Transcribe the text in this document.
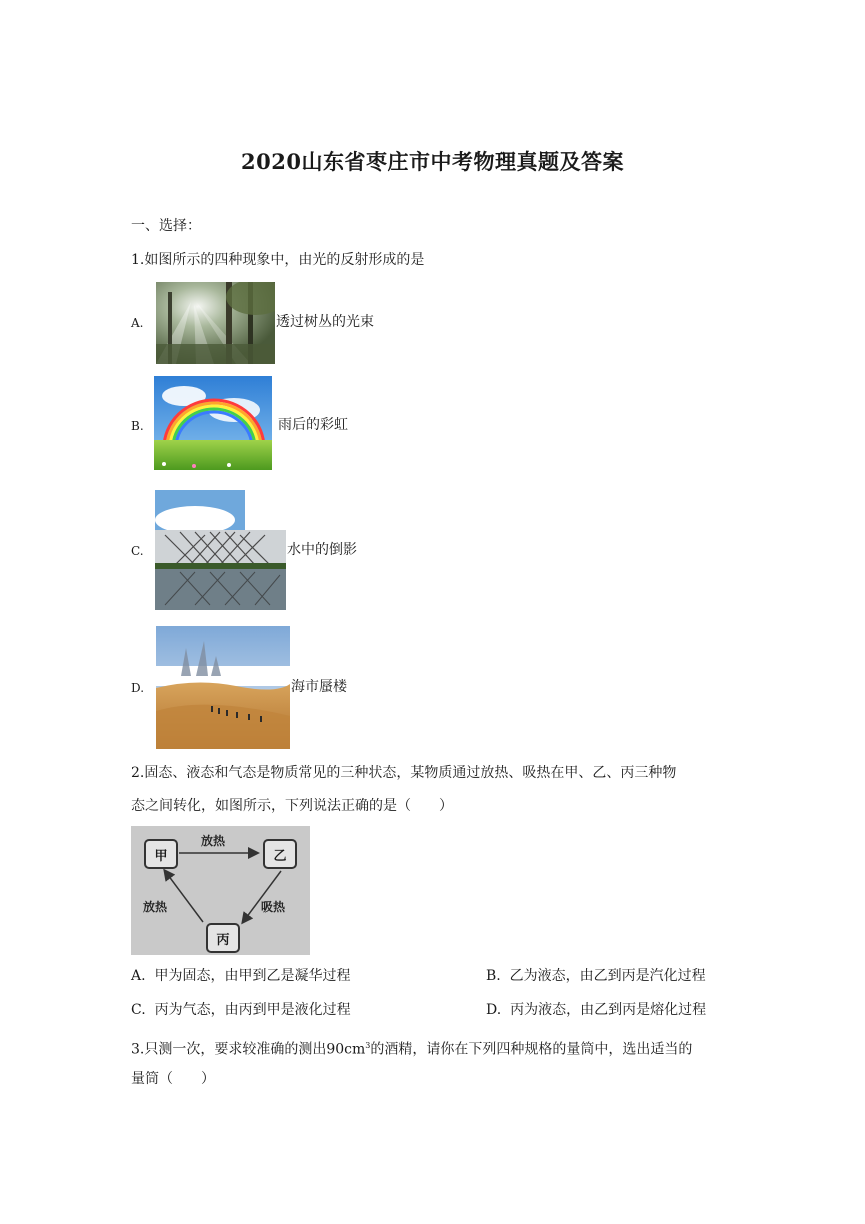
2020山东省枣庄市中考物理真题及答案
一、选择：
1.如图所示的四种现象中，由光的反射形成的是
A.	透过树丛的光束
B.	雨后的彩虹
C.	水中的倒影
D.	海市蜃楼
2.固态、液态和气态是物质常见的三种状态，某物质通过放热、吸热在甲、乙、丙三种物
态之间转化，如图所示，下列说法正确的是（　　）
甲	乙
丙
放热
吸热
放热
A. 甲为固态，由甲到乙是凝华过程	B. 乙为液态，由乙到丙是汽化过程
C. 丙为气态，由丙到甲是液化过程	D. 丙为液态，由乙到丙是熔化过程
3.只测一次，要求较准确的测出$90cm^3$的酒精，请你在下列四种规格的量筒中，选出适当的
量筒（　　）
